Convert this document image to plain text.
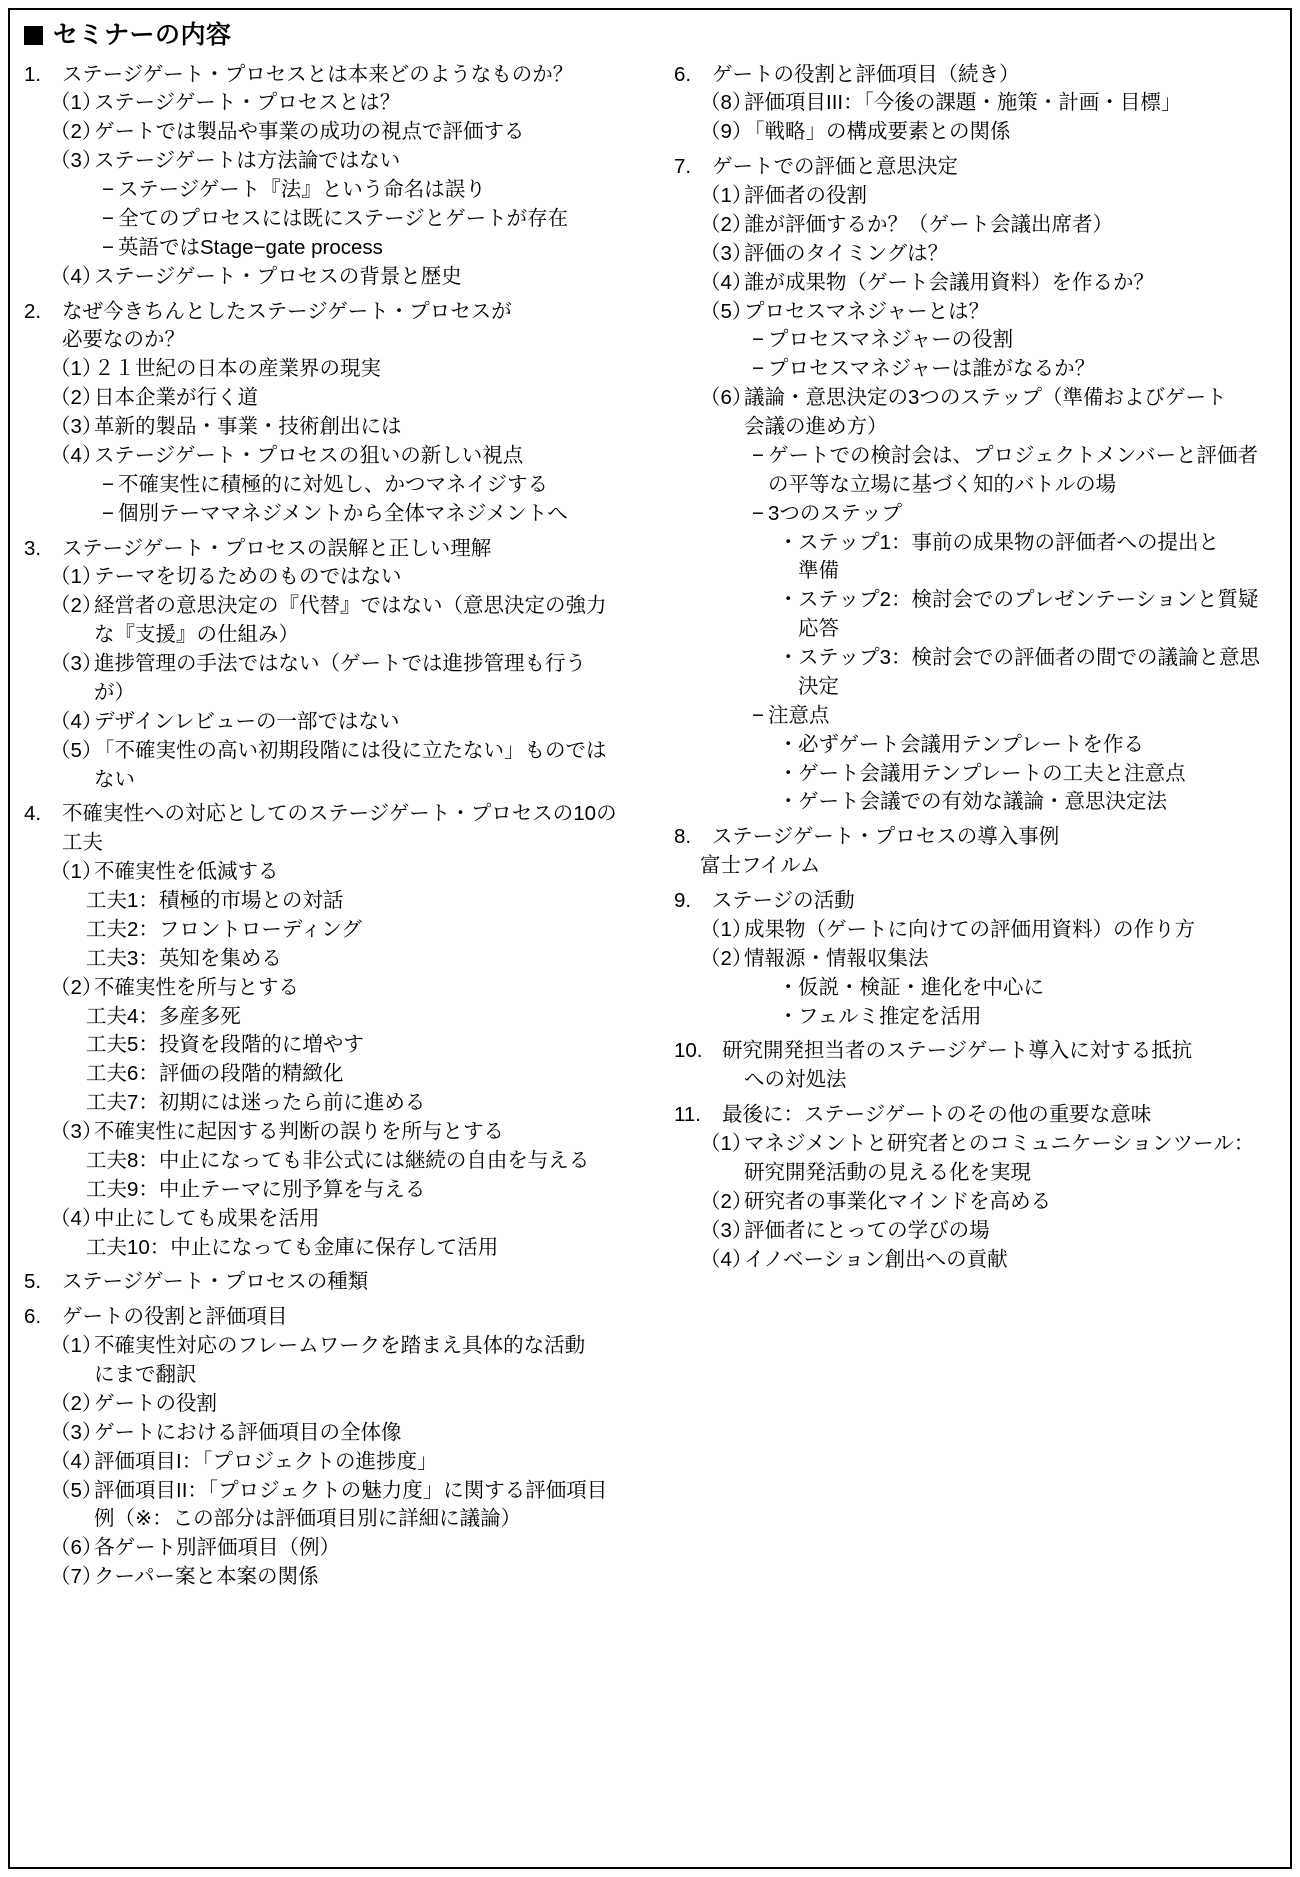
セミナーの内容
1.	ステージゲート・プロセスとは本来どのようなものか？
（1）
ステージゲート・プロセスとは？
（2）
ゲートでは製品や事業の成功の視点で評価する
（3）
ステージゲートは方法論ではない
− ステージゲート『法』という命名は誤り
− 全てのプロセスには既にステージとゲートが存在
− 英語ではStage−gate process
（4）
ステージゲート・プロセスの背景と歴史
2.	なぜ今きちんとしたステージゲート・プロセスが
必要なのか？
（1）
２１世紀の日本の産業界の現実
（2）
日本企業が行く道
（3）
革新的製品・事業・技術創出には
（4）
ステージゲート・プロセスの狙いの新しい視点
− 不確実性に積極的に対処し、かつマネイジする
− 個別テーママネジメントから全体マネジメントへ
3.	ステージゲート・プロセスの誤解と正しい理解
（1）
テーマを切るためのものではない
（2）
経営者の意思決定の『代替』ではない（意思決定の強力
な『支援』の仕組み）
（3）
進捗管理の手法ではない（ゲートでは進捗管理も行う
が）
（4）
デザインレビューの一部ではない
（5）
「不確実性の高い初期段階には役に立たない」ものでは
ない
4.	不確実性への対応としてのステージゲート・プロセスの10の
工夫
（1）
不確実性を低減する
工夫1：積極的市場との対話
工夫2：フロントローディング
工夫3：英知を集める
（2）
不確実性を所与とする
工夫4：多産多死
工夫5：投資を段階的に増やす
工夫6：評価の段階的精緻化
工夫7：初期には迷ったら前に進める
（3）
不確実性に起因する判断の誤りを所与とする
工夫8：中止になっても非公式には継続の自由を与える
工夫9：中止テーマに別予算を与える
（4）
中止にしても成果を活用
工夫10：中止になっても金庫に保存して活用
5.	ステージゲート・プロセスの種類
6.	ゲートの役割と評価項目
（1）
不確実性対応のフレームワークを踏まえ具体的な活動
にまで翻訳
（2）
ゲートの役割
（3）
ゲートにおける評価項目の全体像
（4）
評価項目I：「プロジェクトの進捗度」
（5）
評価項目II：「プロジェクトの魅力度」に関する評価項目
例（※：この部分は評価項目別に詳細に議論）
（6）
各ゲート別評価項目（例）
（7）
クーパー案と本案の関係
6.	ゲートの役割と評価項目（続き）
（8）
評価項目III：「今後の課題・施策・計画・目標」
（9）
「戦略」の構成要素との関係
7.	ゲートでの評価と意思決定
（1）
評価者の役割
（2）
誰が評価するか？（ゲート会議出席者）
（3）
評価のタイミングは？
（4）
誰が成果物（ゲート会議用資料）を作るか？
（5）
プロセスマネジャーとは？
− プロセスマネジャーの役割
− プロセスマネジャーは誰がなるか？
（6）
議論・意思決定の3つのステップ（準備およびゲート
会議の進め方）
− ゲートでの検討会は、プロジェクトメンバーと評価者
の平等な立場に基づく知的バトルの場
− 3つのステップ
・ ステップ1：事前の成果物の評価者への提出と
準備
・ ステップ2：検討会でのプレゼンテーションと質疑
応答
・ ステップ3：検討会での評価者の間での議論と意思
決定
− 注意点
・ 必ずゲート会議用テンプレートを作る
・ ゲート会議用テンプレートの工夫と注意点
・ ゲート会議での有効な議論・意思決定法
8.	ステージゲート・プロセスの導入事例
富士フイルム
9.	ステージの活動
（1）
成果物（ゲートに向けての評価用資料）の作り方
（2）
情報源・情報収集法
・ 仮説・検証・進化を中心に
・ フェルミ推定を活用
10. 研究開発担当者のステージゲート導入に対する抵抗
への対処法
11.	最後に：ステージゲートのその他の重要な意味
（1）
マネジメントと研究者とのコミュニケーションツール：
研究開発活動の見える化を実現
（2）
研究者の事業化マインドを高める
（3）
評価者にとっての学びの場
（4）
イノベーション創出への貢献
